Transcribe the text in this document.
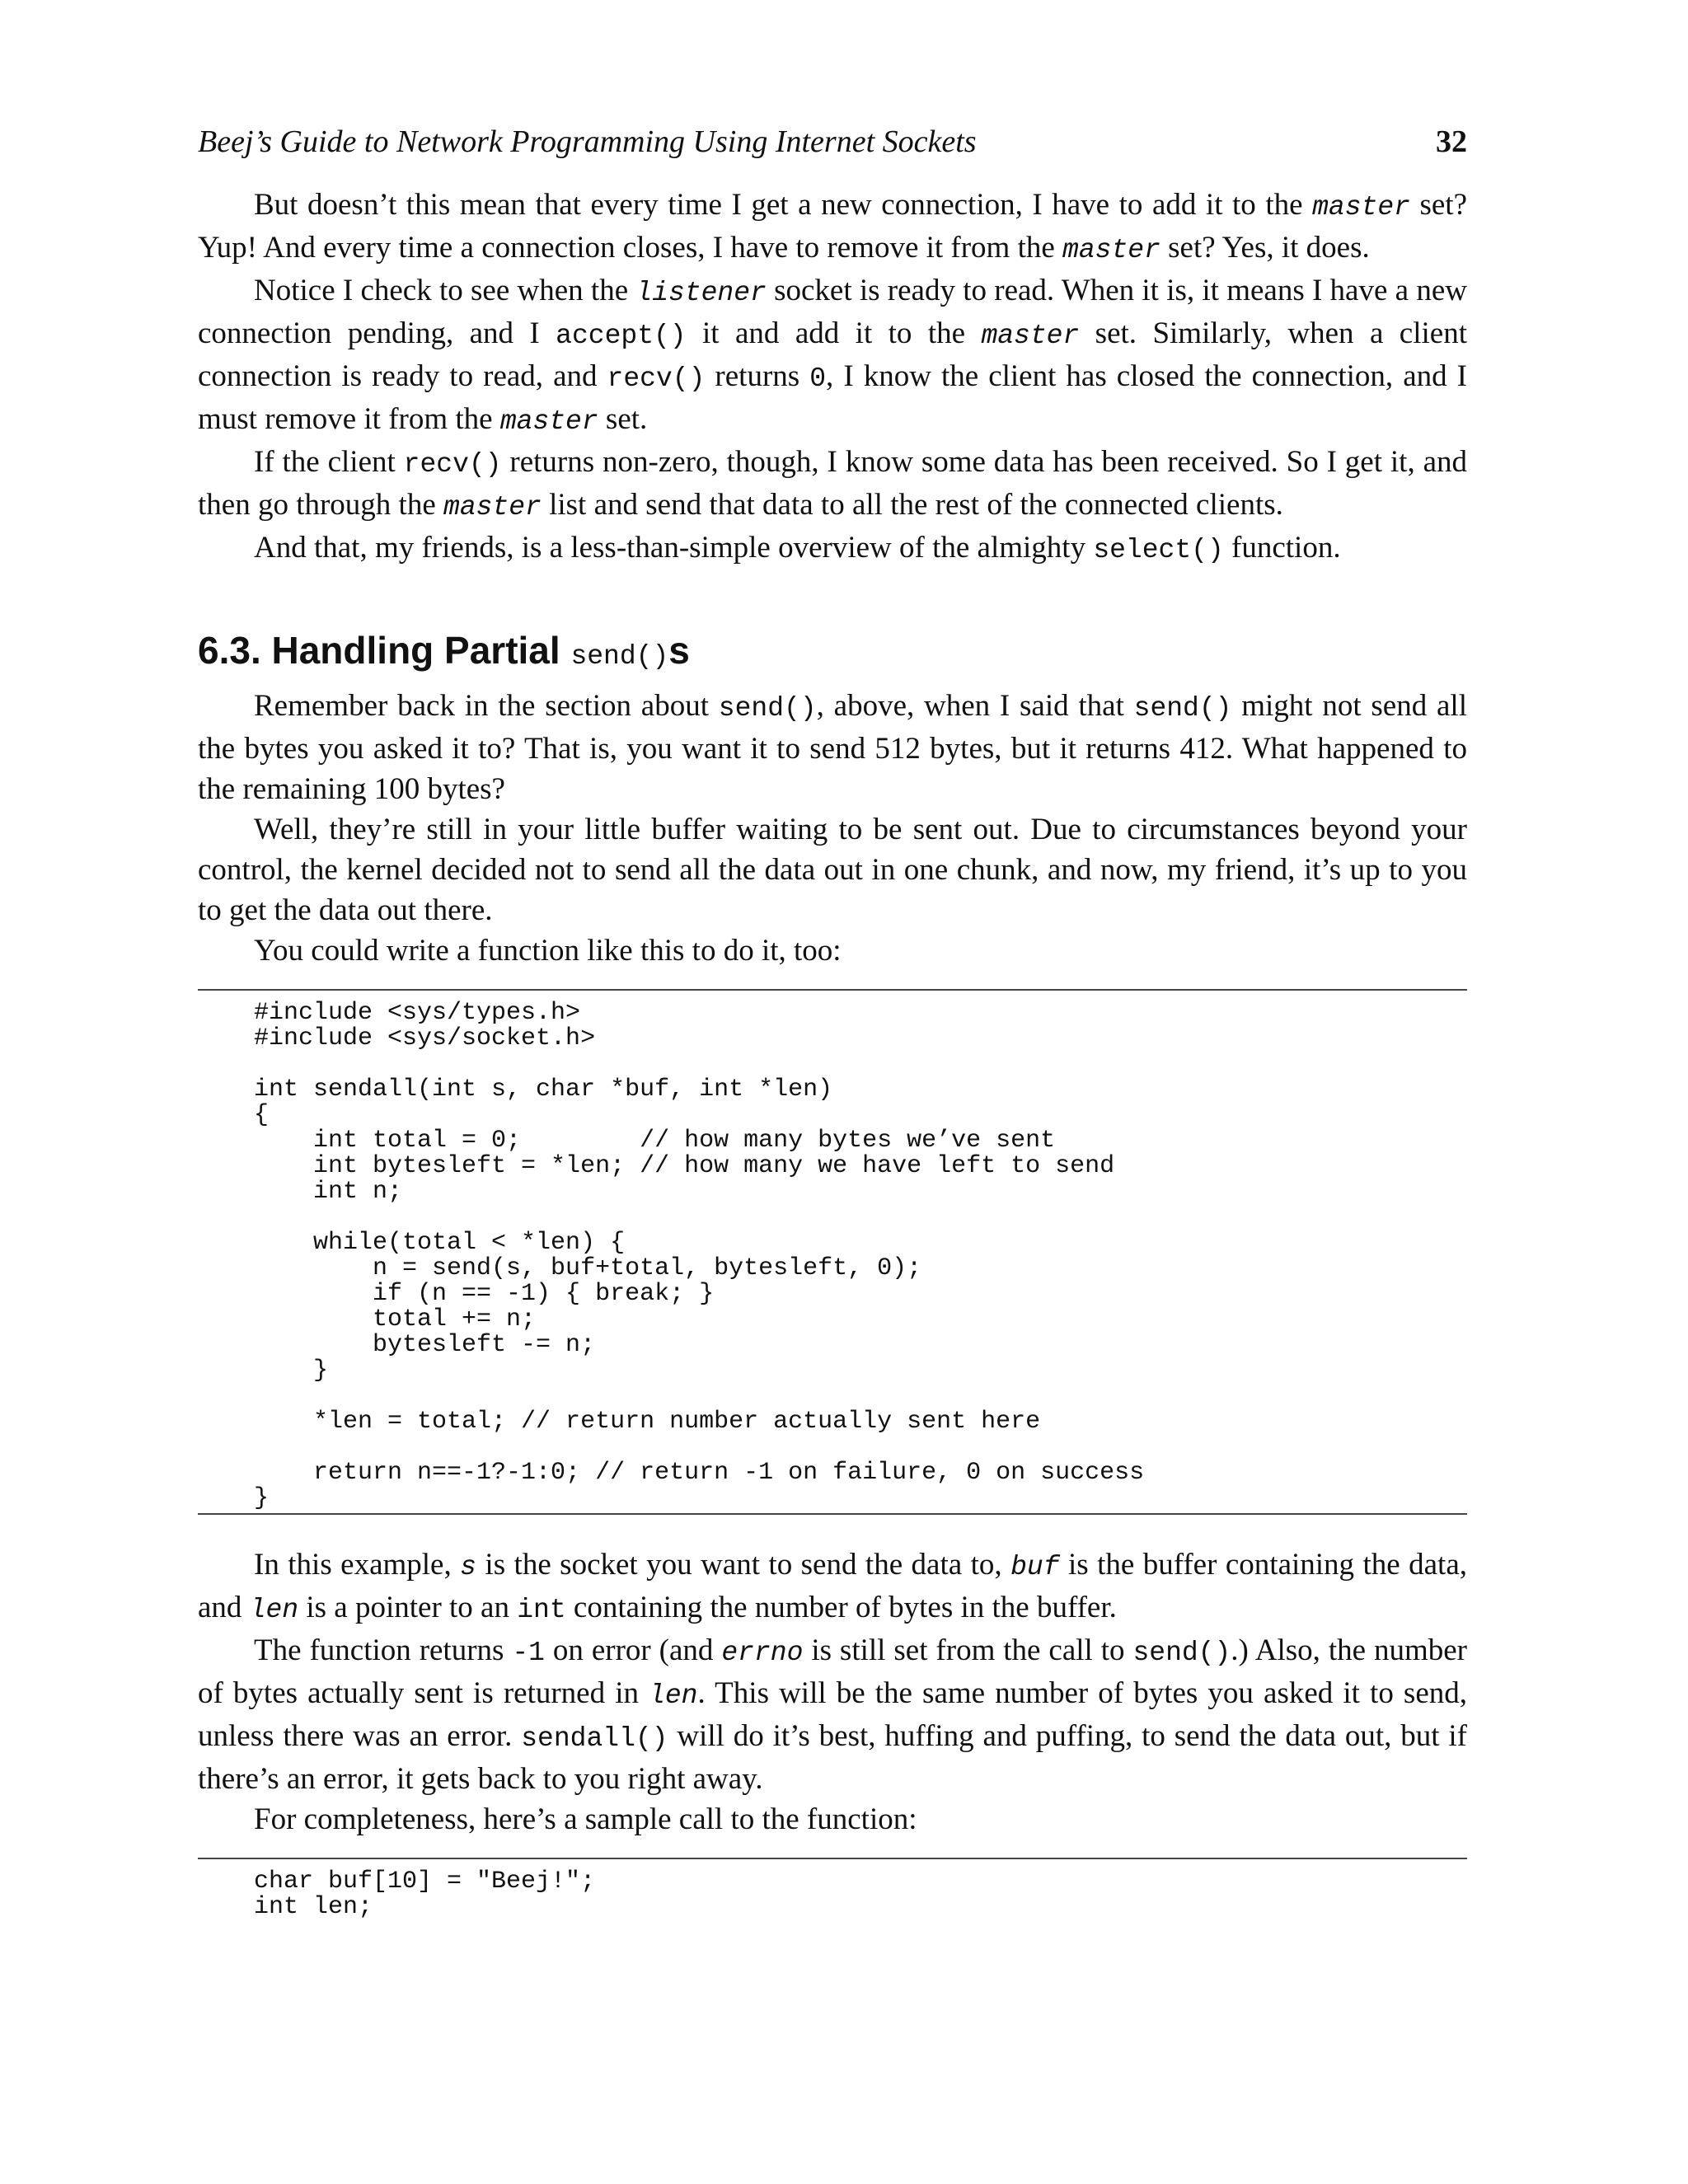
Beej’s Guide to Network Programming Using Internet Sockets	32

But doesn’t this mean that every time I get a new connection, I have to add it to the master set? Yup! And every time a connection closes, I have to remove it from the master set? Yes, it does.

Notice I check to see when the listener socket is ready to read. When it is, it means I have a new connection pending, and I accept() it and add it to the master set. Similarly, when a client connection is ready to read, and recv() returns 0, I know the client has closed the connection, and I must remove it from the master set.

If the client recv() returns non-zero, though, I know some data has been received. So I get it, and then go through the master list and send that data to all the rest of the connected clients.

And that, my friends, is a less-than-simple overview of the almighty select() function.

6.3. Handling Partial send()s

Remember back in the section about send(), above, when I said that send() might not send all the bytes you asked it to? That is, you want it to send 512 bytes, but it returns 412. What happened to the remaining 100 bytes?

Well, they’re still in your little buffer waiting to be sent out. Due to circumstances beyond your control, the kernel decided not to send all the data out in one chunk, and now, my friend, it’s up to you to get the data out there.

You could write a function like this to do it, too:

#include <sys/types.h>
#include <sys/socket.h>

int sendall(int s, char *buf, int *len)
{
int total = 0;        // how many bytes we’ve sent
int bytesleft = *len; // how many we have left to send
int n;

while(total < *len) {
n = send(s, buf+total, bytesleft, 0);
if (n == -1) { break; }
total += n;
bytesleft -= n;
}

*len = total; // return number actually sent here

return n==-1?-1:0; // return -1 on failure, 0 on success
}

In this example, s is the socket you want to send the data to, buf is the buffer containing the data, and len is a pointer to an int containing the number of bytes in the buffer.

The function returns -1 on error (and errno is still set from the call to send().) Also, the number of bytes actually sent is returned in len. This will be the same number of bytes you asked it to send, unless there was an error. sendall() will do it’s best, huffing and puffing, to send the data out, but if there’s an error, it gets back to you right away.

For completeness, here’s a sample call to the function:

char buf[10] = "Beej!";
int len;
